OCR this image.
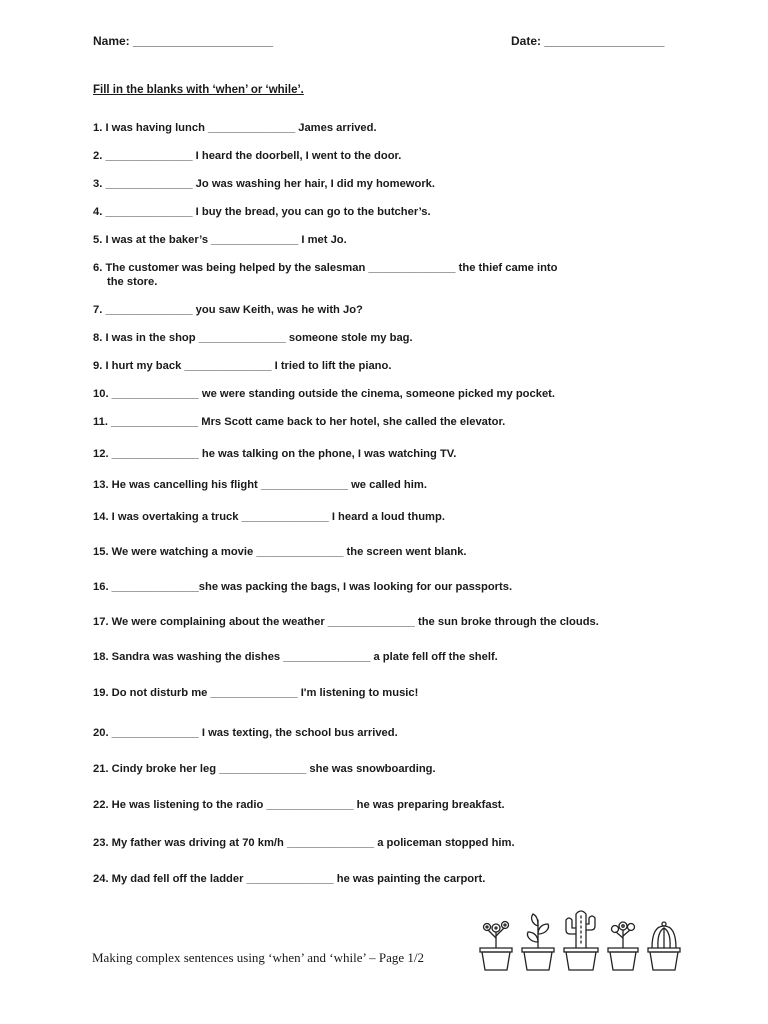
Name: _____________________	Date: __________________
Fill in the blanks with ‘when’ or ‘while’.
1. I was having lunch ______________ James arrived.
2. ______________ I heard the doorbell, I went to the door.
3. ______________ Jo was washing her hair, I did my homework.
4. ______________ I buy the bread, you can go to the butcher’s.
5. I was at the baker’s ______________ I met Jo.
6. The customer was being helped by the salesman ______________ the thief came into
the store.
7. ______________ you saw Keith, was he with Jo?
8. I was in the shop ______________ someone stole my bag.
9. I hurt my back ______________ I tried to lift the piano.
10. ______________ we were standing outside the cinema, someone picked my pocket.
11. ______________ Mrs Scott came back to her hotel, she called the elevator.
12. ______________ he was talking on the phone, I was watching TV.
13. He was cancelling his flight ______________ we called him.
14. I was overtaking a truck ______________ I heard a loud thump.
15. We were watching a movie ______________ the screen went blank.
16. ______________she was packing the bags, I was looking for our passports.
17. We were complaining about the weather ______________ the sun broke through the clouds.
18. Sandra was washing the dishes ______________ a plate fell off the shelf.
19. Do not disturb me ______________ I'm listening to music!
20. ______________ I was texting, the school bus arrived.
21. Cindy broke her leg ______________ she was snowboarding.
22. He was listening to the radio ______________ he was preparing breakfast.
23. My father was driving at 70 km/h ______________ a policeman stopped him.
24. My dad fell off the ladder ______________ he was painting the carport.
Making complex sentences using ‘when’ and ‘while’ – Page 1/2
